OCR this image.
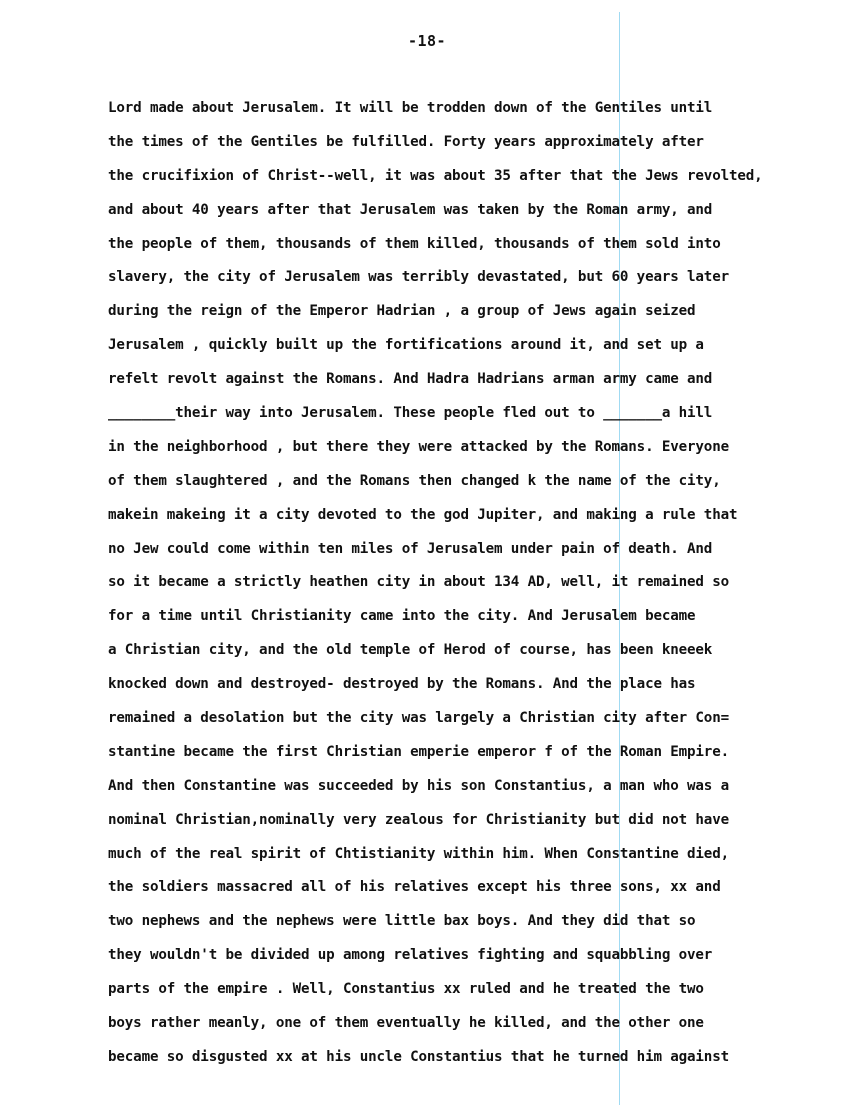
-18-
Lord made about Jerusalem. It will be trodden down of the Gentiles until
the times of the Gentiles be fulfilled. Forty years approximately after
the crucifixion of Christ--well, it was about 35 after that the Jews revolted,
and about 40 years after that Jerusalem was taken by the Roman army, and
the people of them, thousands of them killed, thousands of them sold into
slavery, the city of Jerusalem was terribly devastated, but 60 years later
during the reign of the Emperor Hadrian , a group of Jews again seized
Jerusalem , quickly built up the fortifications around it, and set up a
refelt revolt against the Romans. And Hadra Hadrians arman army came and
________their way into Jerusalem. These people fled out to _______a hill
in the neighborhood , but there they were attacked by the Romans. Everyone
of them slaughtered , and the Romans then changed k the name of the city,
makein makeing it a city devoted to the god Jupiter, and making a rule that
no Jew could come within ten miles of Jerusalem under pain of death. And
so it became a strictly heathen city in about 134 AD, well, it remained so
for a time until Christianity came into the city. And Jerusalem became
a Christian city, and the old temple of Herod of course, has been kneeek
knocked down and destroyed- destroyed by the Romans. And the place has
remained a desolation but the city was largely a Christian city after Con=
stantine became the first Christian emperie emperor f of the Roman Empire.
And then Constantine was succeeded by his son Constantius, a man who was a
nominal Christian,nominally very zealous for Christianity but did not have
much of the real spirit of Chtistianity within him. When Constantine died,
the soldiers massacred all of his relatives except his three sons, xx and
two nephews and the nephews were little bax boys. And they did that so
they wouldn't be divided up among relatives fighting and squabbling over
parts of the empire . Well, Constantius xx ruled and he treated the two
boys rather meanly, one of them eventually he killed, and the other one
became so disgusted xx at his uncle Constantius that he turned him against
